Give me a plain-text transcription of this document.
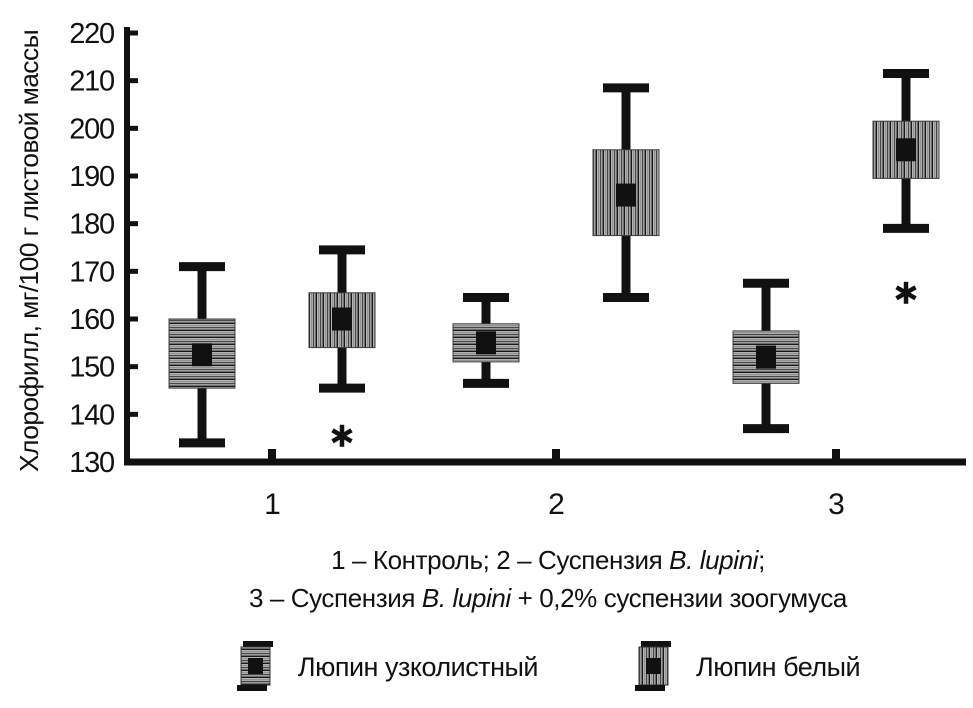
Хлорофилл, мг/100 г листовой массы 130
140
150
160
170
180
190
200
210
220
1	2	3
1 – Контроль; 2 – Суспензия B. lupini;
3 – Суспензия B. lupini + 0,2% суспензии зоогумуса
Люпин узколистный	Люпин белый
